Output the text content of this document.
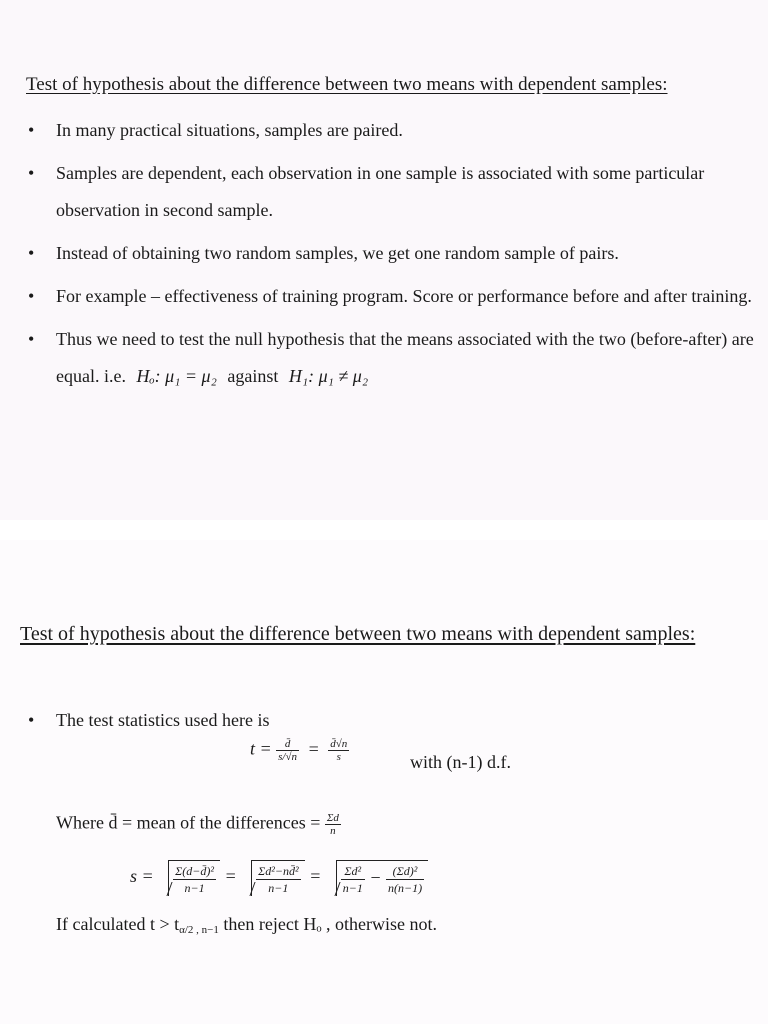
Test of hypothesis about the difference between two means with dependent samples:
• In many practical situations, samples are paired.
• Samples are dependent, each observation in one sample is associated with some particular observation in second sample.
• Instead of obtaining two random samples, we get one random sample of pairs.
• For example – effectiveness of training program. Score or performance before and after training.
• Thus we need to test the null hypothesis that the means associated with the two (before-after) are equal. i.e. Hₒ: μ₁ = μ₂ against H₁: μ₁ ≠ μ₂
Test of hypothesis about the difference between two means with dependent samples:
• The test statistics used here is
$t = \frac{d̄}{s/√n} = \frac{d̄√n}{s}$	with (n-1) d.f.
Where d̄ = mean of the differences = $\frac{\Sigma d}{n}$
$s = \frac{\text{Σ(d−d̄)²}}{n-1} = \frac{\text{Σd²−nd̄²}}{n-1} = \frac{\text{Σd²}}{n-1} - \frac{\text{(Σd)²}}{n(n-1)}$
If calculated $t > t_{\alpha/2 , n-1}$ then reject Hₒ , otherwise not.
